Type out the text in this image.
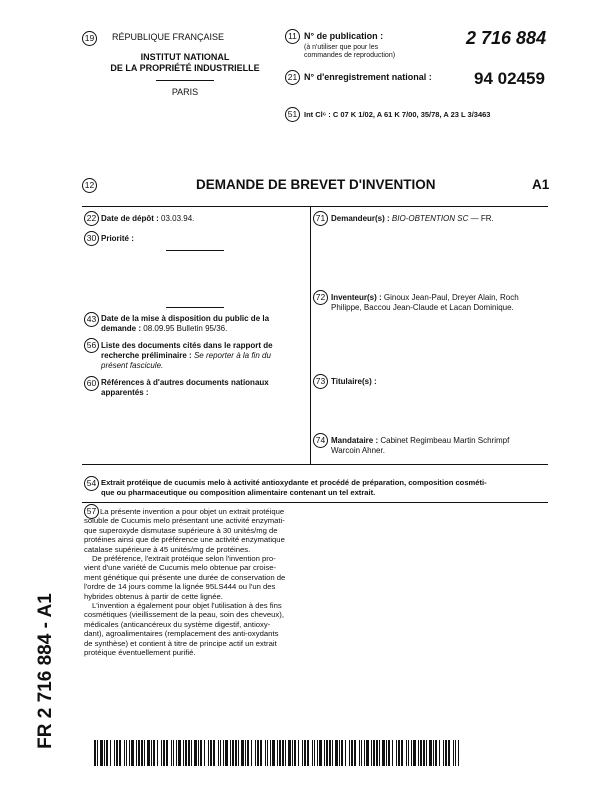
19	RÉPUBLIQUE FRANÇAISE
INSTITUT NATIONAL
DE LA PROPRIÉTÉ INDUSTRIELLE
PARIS
11 N° de publication :
(à n'utiliser que pour les
commandes de reproduction)
2 716 884
21 N° d'enregistrement national : 94 02459
51 Int Cl⁶ : C 07 K 1/02, A 61 K 7/00, 35/78, A 23 L 3/3463
12	DEMANDE DE BREVET D'INVENTION	A1
22 Date de dépôt : 03.03.94.
30 Priorité :
43 Date de la mise à disposition du public de la
demande : 08.09.95 Bulletin 95/36.
56 Liste des documents cités dans le rapport de
recherche préliminaire : Se reporter à la fin du
présent fascicule.
60 Références à d'autres documents nationaux
apparentés :
71 Demandeur(s) : BIO-OBTENTION SC — FR.
72 Inventeur(s) : Ginoux Jean-Paul, Dreyer Alain, Roch
Philippe, Baccou Jean-Claude et Lacan Dominique.
73 Titulaire(s) :
74 Mandataire : Cabinet Regimbeau Martin Schrimpf
Warcoin Ahner.
54 Extrait protéique de cucumis melo à activité antioxydante et procédé de préparation, composition cosméti-
que ou pharmaceutique ou composition alimentaire contenant un tel extrait.
57 La présente invention a pour objet un extrait protéique
soluble de Cucumis melo présentant une activité enzymati-
que superoxyde dismutase supérieure à 30 unités/mg de
protéines ainsi que de préférence une activité enzymatique
catalase supérieure à 45 unités/mg de protéines.
De préférence, l'extrait protéique selon l'invention pro-
vient d'une variété de Cucumis melo obtenue par croise-
ment génétique qui présente une durée de conservation de
l'ordre de 14 jours comme la lignée 95LS444 ou l'un des
hybrides obtenus à partir de cette lignée.
L'invention a également pour objet l'utilisation à des fins
cosmétiques (vieillissement de la peau, soin des cheveux),
médicales (anticancéreux du système digestif, antioxy-
dant), agroalimentaires (remplacement des anti-oxydants
de synthèse) et contient à titre de principe actif un extrait
protéique éventuellement purifié.
FR 2 716 884 - A1
